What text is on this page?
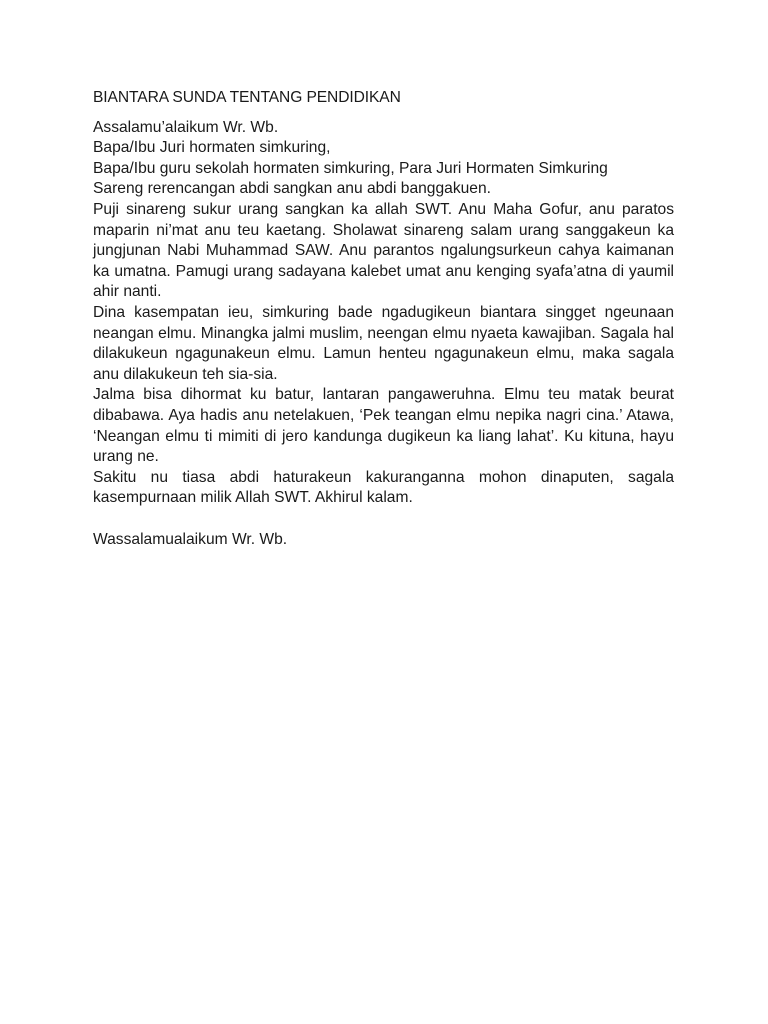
BIANTARA SUNDA TENTANG PENDIDIKAN

Assalamu’alaikum Wr. Wb.

Bapa/Ibu Juri hormaten simkuring,

Bapa/Ibu guru sekolah hormaten simkuring, Para Juri Hormaten Simkuring

Sareng rerencangan abdi sangkan anu abdi banggakuen.

Puji sinareng sukur urang sangkan ka allah SWT. Anu Maha Gofur, anu paratos maparin ni’mat anu teu kaetang. Sholawat sinareng salam urang sanggakeun ka jungjunan Nabi Muhammad SAW. Anu parantos ngalungsurkeun cahya kaimanan ka umatna. Pamugi urang sadayana kalebet umat anu kenging syafa’atna di yaumil ahir nanti.

Dina kasempatan ieu, simkuring bade ngadugikeun biantara singget ngeunaan neangan elmu. Minangka jalmi muslim, neengan elmu nyaeta kawajiban. Sagala hal dilakukeun ngagunakeun elmu. Lamun henteu ngagunakeun elmu, maka sagala anu dilakukeun teh sia-sia.

Jalma bisa dihormat ku batur, lantaran pangaweruhna. Elmu teu matak beurat dibabawa. Aya hadis anu netelakuen, ‘Pek teangan elmu nepika nagri cina.’ Atawa, ‘Neangan elmu ti mimiti di jero kandunga dugikeun ka liang lahat’. Ku kituna, hayu urang ne.

Sakitu nu tiasa abdi haturakeun kakuranganna mohon dinaputen, sagala kasempurnaan milik Allah SWT. Akhirul kalam.

Wassalamualaikum Wr. Wb.
